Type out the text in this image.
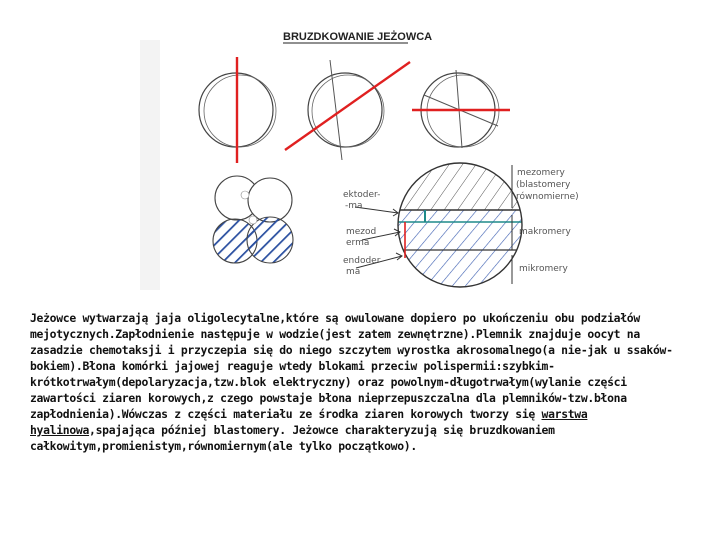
BRUZDKOWANIE JEŻOWCA
ektoder-
-ma
mezod
erma
endoder
ma
mezomery
(blastomery
równomierne)
makromery
mikromery
Jeżowce wytwarzają jaja oligolecytalne,które są owulowane dopiero po ukończeniu obu podziałów mejotycznych.Zapłodnienie następuje w wodzie(jest zatem zewnętrzne).Plemnik znajduje oocyt na zasadzie chemotaksji i przyczepia się do niego szczytem wyrostka akrosomalnego(a nie-jak u ssaków-bokiem).Błona komórki jajowej reaguje wtedy blokami przeciw polispermii:szybkim-krótkotrwałym(depolaryzacja,tzw.blok elektryczny) oraz powolnym-długotrwałym(wylanie części zawartości ziaren korowych,z czego powstaje błona nieprzepuszczalna dla plemników-tzw.błona zapłodnienia).Wówczas z części materiału ze środka ziaren korowych tworzy się warstwa hyalinowa,spajająca później blastomery. Jeżowce charakteryzują się bruzdkowaniem całkowitym,promienistym,równomiernym(ale tylko początkowo).
